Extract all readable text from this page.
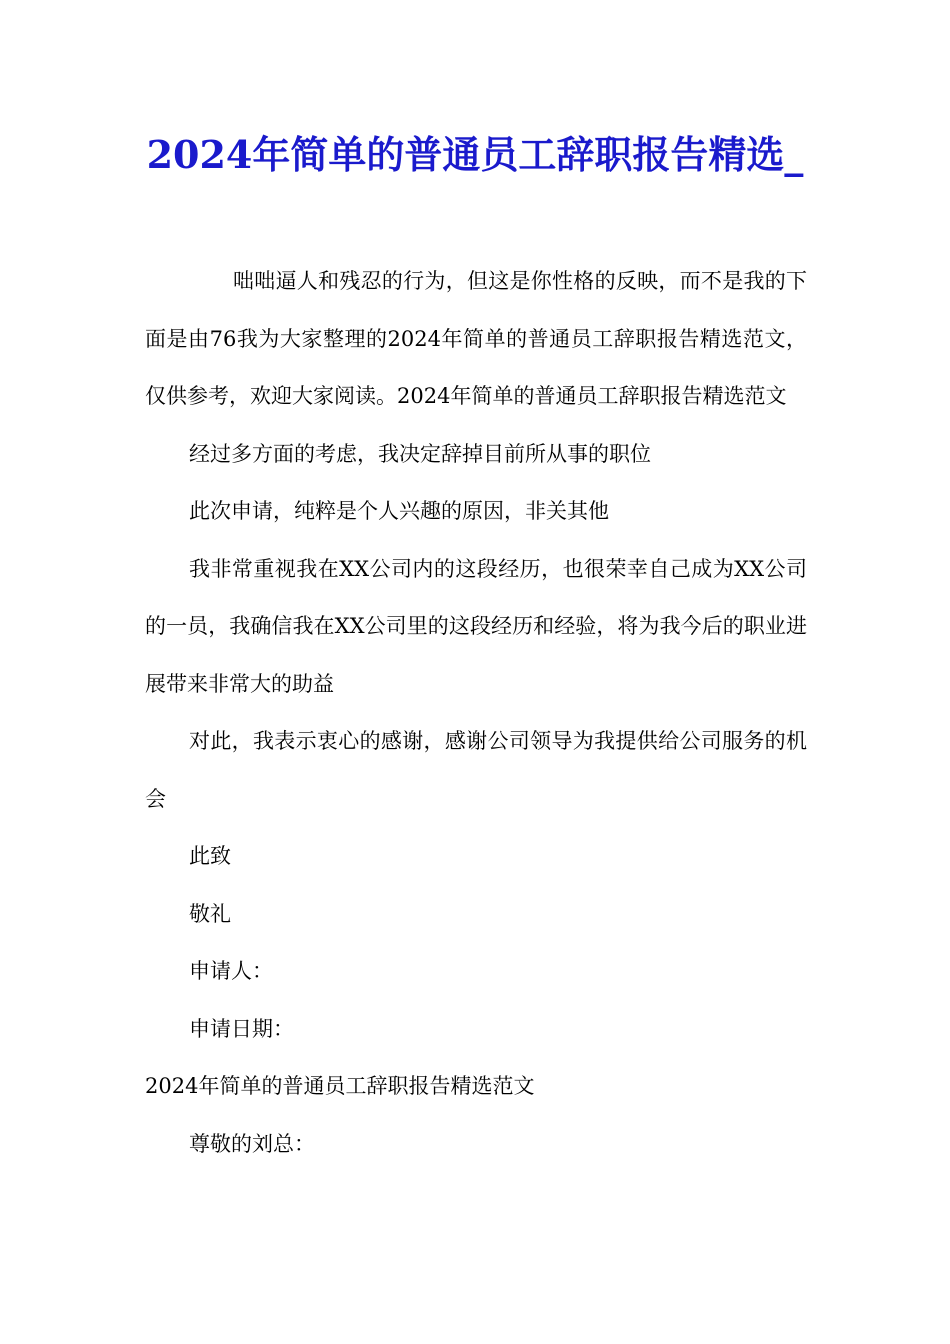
2024年简单的普通员工辞职报告精选_

咄咄逼人和残忍的行为，但这是你性格的反映，而不是我的下面是由76我为大家整理的2024年简单的普通员工辞职报告精选范文，仅供参考，欢迎大家阅读。2024年简单的普通员工辞职报告精选范文

经过多方面的考虑，我决定辞掉目前所从事的职位

此次申请，纯粹是个人兴趣的原因，非关其他

我非常重视我在XX公司内的这段经历，也很荣幸自己成为XX公司的一员，我确信我在XX公司里的这段经历和经验，将为我今后的职业进展带来非常大的助益

对此，我表示衷心的感谢，感谢公司领导为我提供给公司服务的机会

此致

敬礼

申请人：

申请日期：

2024年简单的普通员工辞职报告精选范文

尊敬的刘总：
